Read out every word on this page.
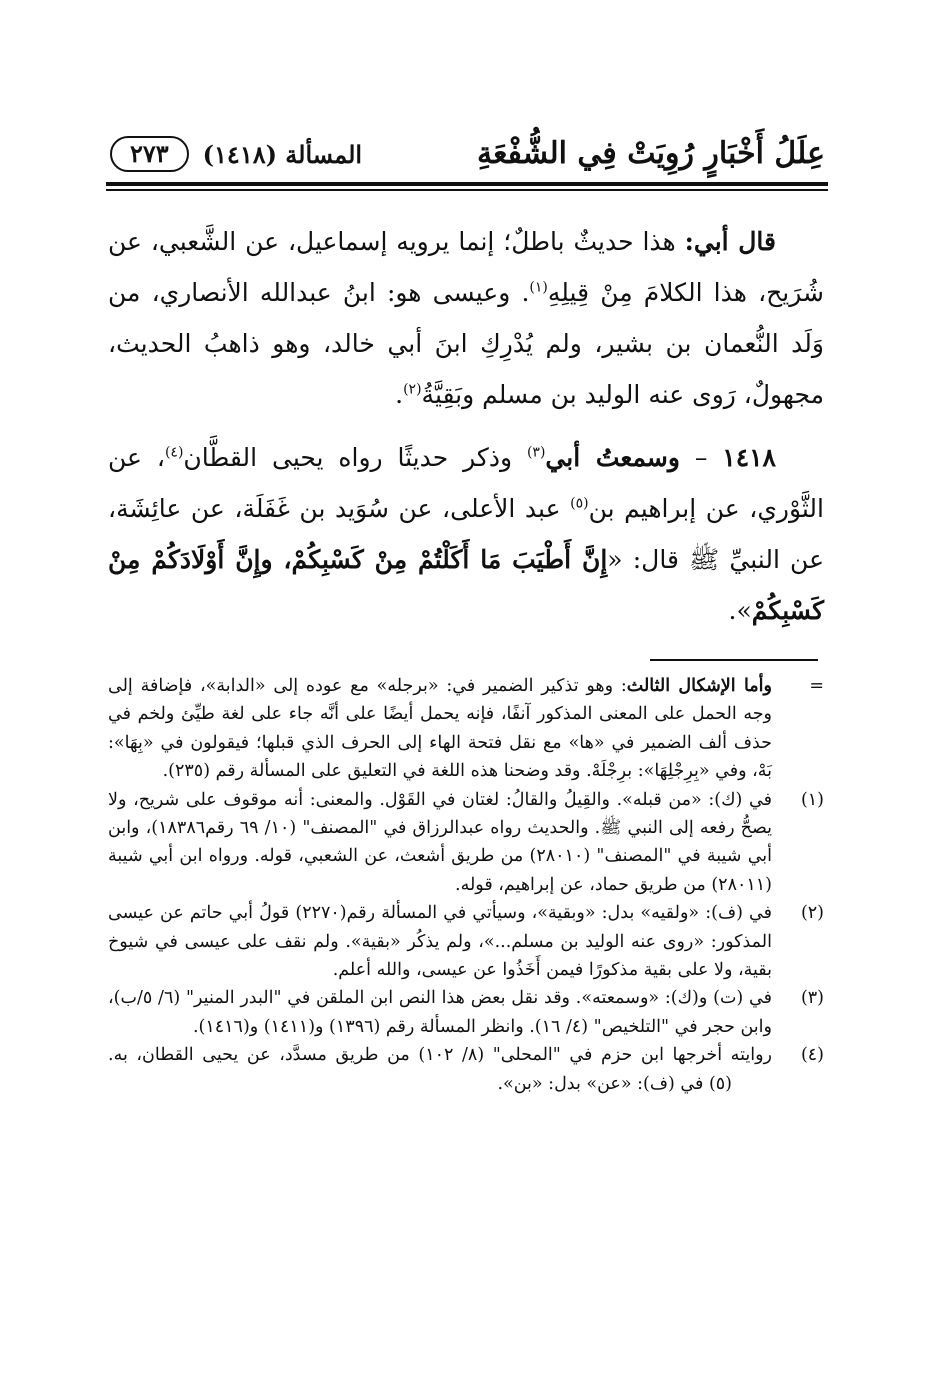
عِلَلُ أَخْبَارٍ رُوِيَتْ فِي الشُّفْعَةِ
المسألة (١٤١٨)
٢٧٣

قال أبي: هذا حديثٌ باطلٌ؛ إنما يرويه إسماعيل، عن الشَّعبي، عن شُرَيح، هذا الكلامَ مِنْ قِيلِهِ$^{(١)}$. وعيسى هو: ابنُ عبدالله الأنصاري، من وَلَد النُّعمان بن بشير، ولم يُدْرِكِ ابنَ أبي خالد، وهو ذاهبُ الحديث، مجهولٌ، رَوى عنه الوليد بن مسلم وبَقِيَّةُ$^{(٢)}$.

١٤١٨ – وسمعتُ أبي$^{(٣)}$ وذكر حديثًا رواه يحيى القطَّان$^{(٤)}$، عن الثَّوْري، عن إبراهيم بن$^{(٥)}$ عبد الأعلى، عن سُوَيد بن غَفَلَة، عن عائِشَة، عن النبيِّ ﷺ قال: «إِنَّ أَطْيَبَ مَا أَكَلْتُمْ مِنْ كَسْبِكُمْ، وإِنَّ أَوْلَادَكُمْ مِنْ كَسْبِكُمْ».

=
وأما الإشكال الثالث: وهو تذكير الضمير في: «برجله» مع عوده إلى «الدابة»، فإضافة إلى وجه الحمل على المعنى المذكور آنفًا، فإنه يحمل أيضًا على أنَّه جاء على لغة طيِّئ ولخم في حذف ألف الضمير في «ها» مع نقل فتحة الهاء إلى الحرف الذي قبلها؛ فيقولون في «بِهَا»: بَهْ، وفي «بِرِجْلِهَا»: برِجْلَهْ. وقد وضحنا هذه اللغة في التعليق على المسألة رقم (٢٣٥).
(١)
في (ك): «من قبله». والقِيلُ والقالُ: لغتان في القَوْل. والمعنى: أنه موقوف على شريح، ولا يصحُّ رفعه إلى النبي ﷺ. والحديث رواه عبدالرزاق في "المصنف" (١٠/ ٦٩ رقم١٨٣٨٦)، وابن أبي شيبة في "المصنف" (٢٨٠١٠) من طريق أشعث، عن الشعبي، قوله. ورواه ابن أبي شيبة (٢٨٠١١) من طريق حماد، عن إبراهيم، قوله.
(٢)
في (ف): «ولقيه» بدل: «وبقية»، وسيأتي في المسألة رقم(٢٢٧٠) قولُ أبي حاتم عن عيسى المذكور: «روى عنه الوليد بن مسلم...»، ولم يذكُر «بقية». ولم نقف على عيسى في شيوخ بقية، ولا على بقية مذكورًا فيمن أَخَذُوا عن عيسى، والله أعلم.
(٣)
في (ت) و(ك): «وسمعته». وقد نقل بعض هذا النص ابن الملقن في "البدر المنير" (٦/ ٥/ب)، وابن حجر في "التلخيص" (٤/ ١٦). وانظر المسألة رقم (١٣٩٦) و(١٤١١) و(١٤١٦).
(٤)
روايته أخرجها ابن حزم في "المحلى" (٨/ ١٠٢) من طريق مسدَّد، عن يحيى القطان، به.(٥) في (ف): «عن» بدل: «بن».
